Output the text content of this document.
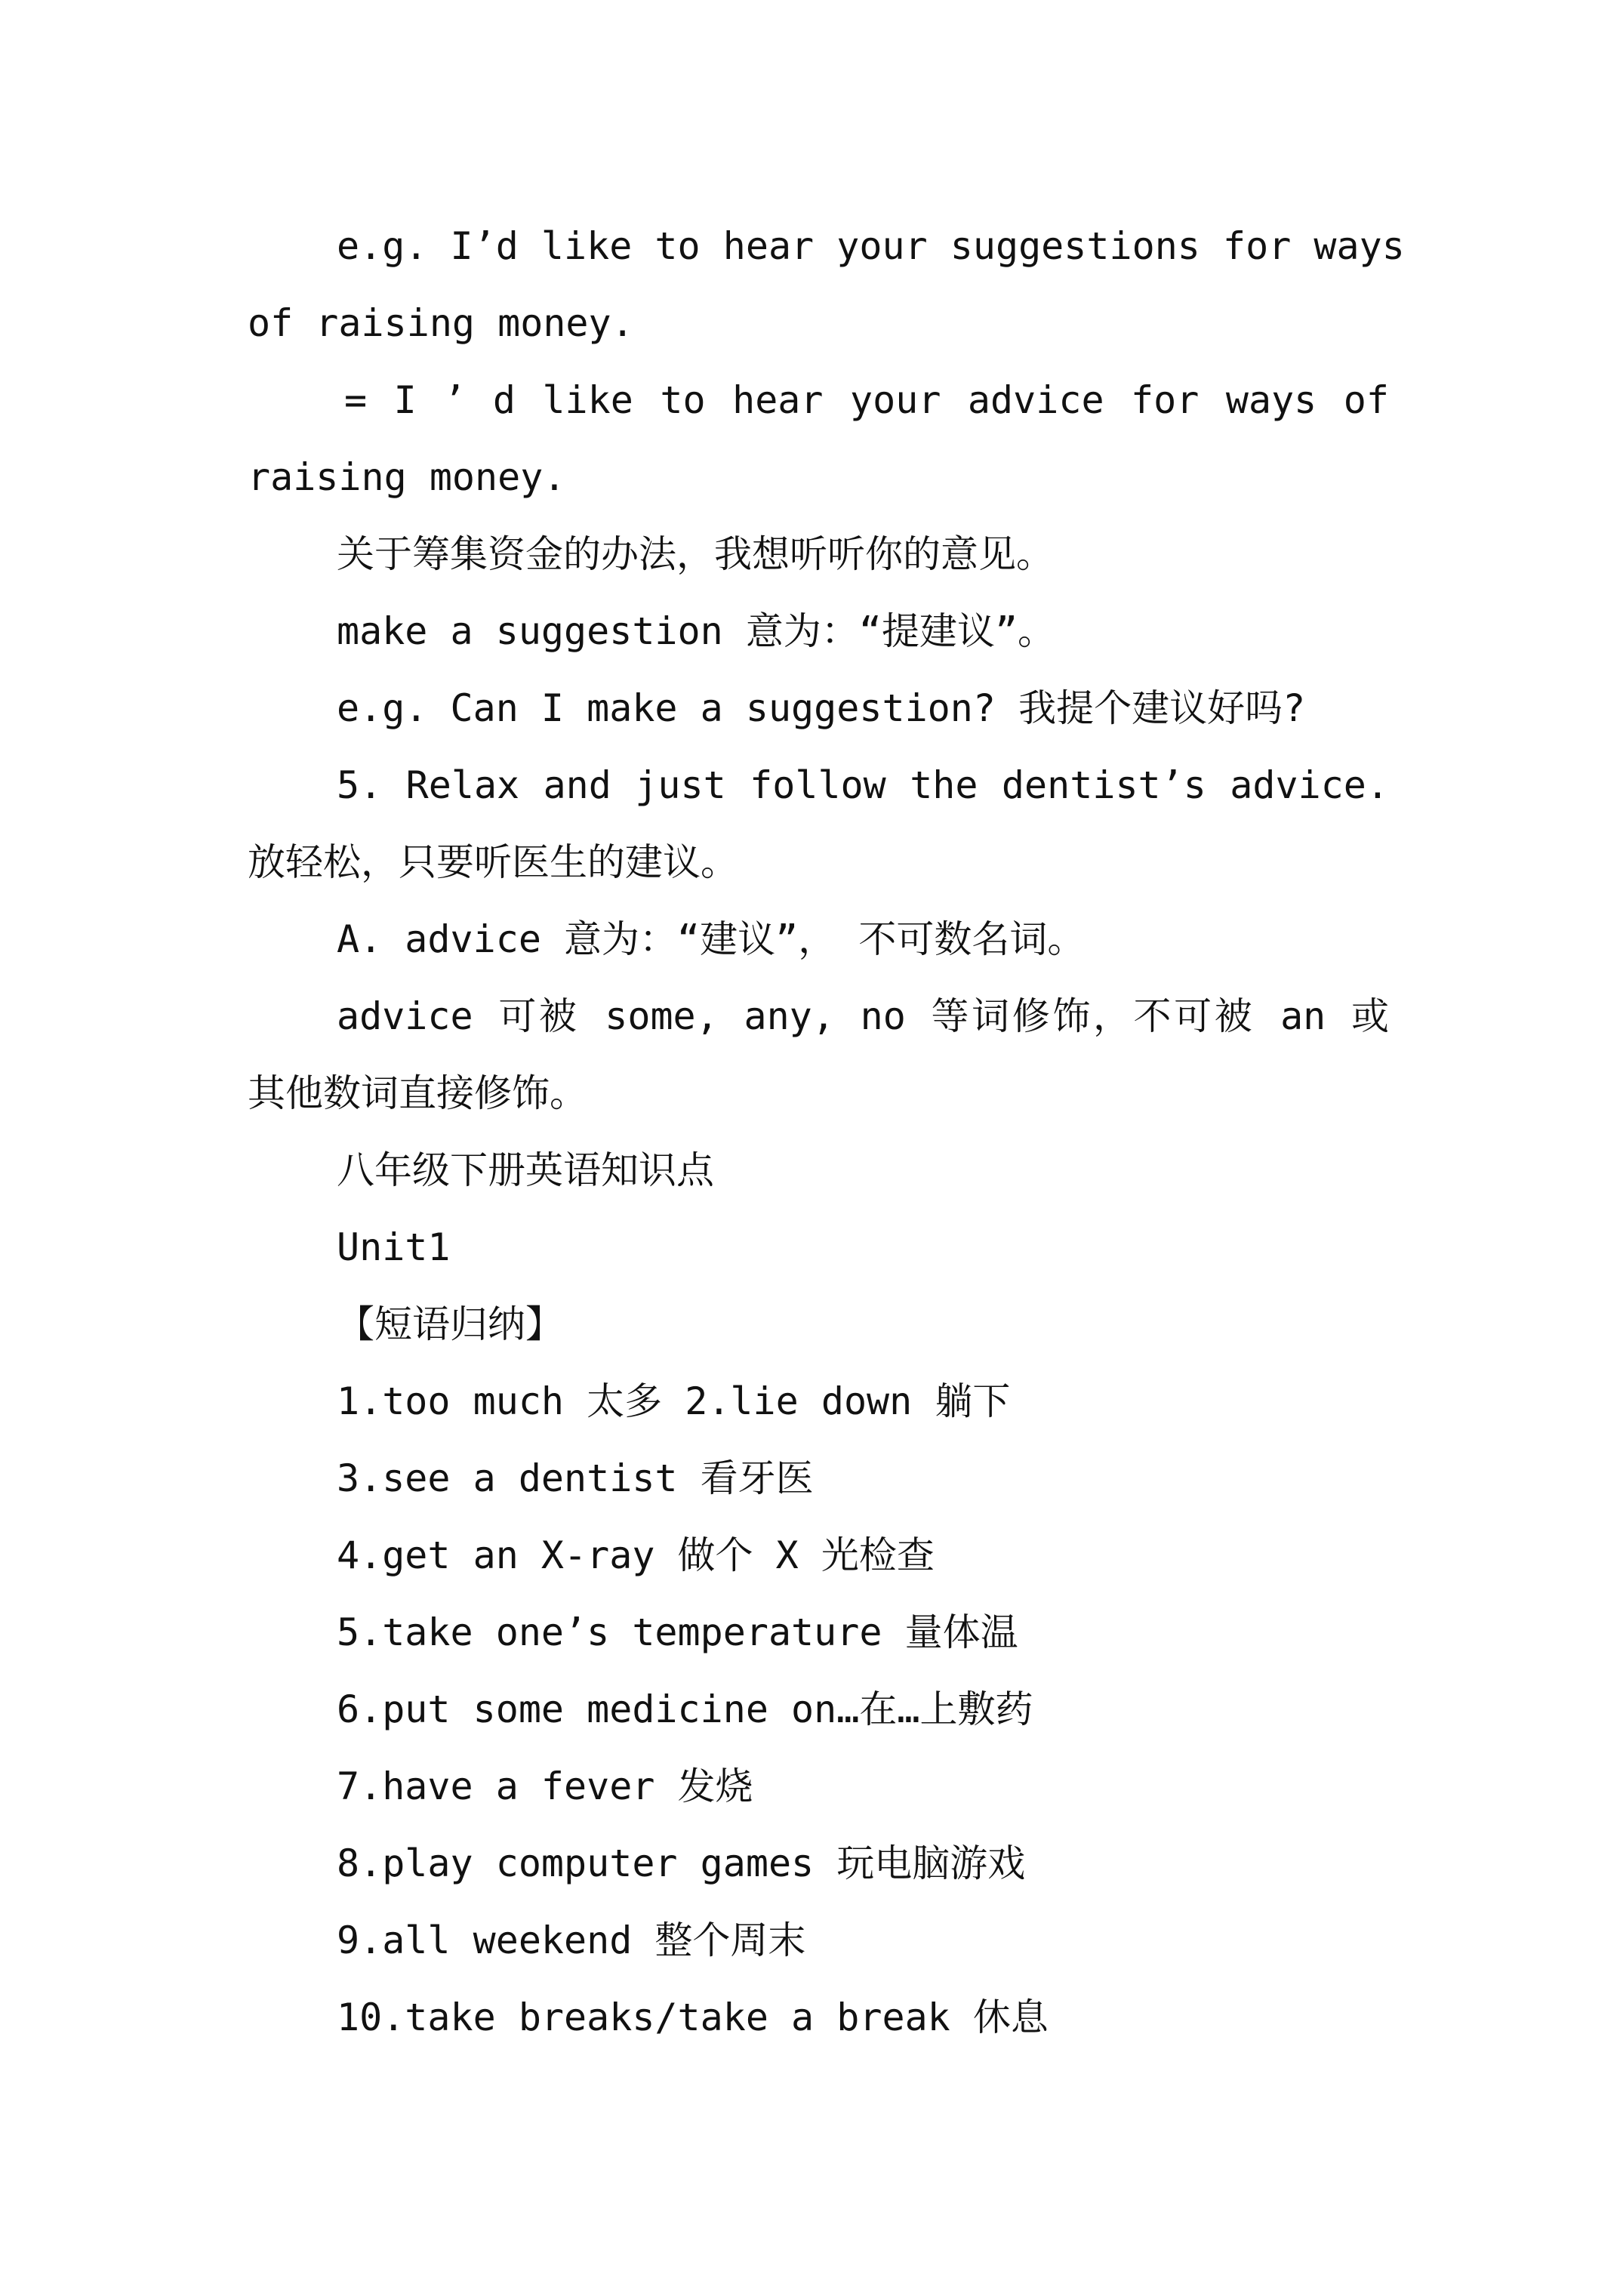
e.g. I’d like to hear your suggestions for ways
of raising money.
= I ’ d like to hear your advice for ways of
raising money.
关于筹集资金的办法，我想听听你的意见。
make a suggestion 意为：“提建议”。
e.g. Can I make a suggestion? 我提个建议好吗?
5. Relax and just follow the dentist’s advice.
放轻松，只要听医生的建议。
A. advice 意为：“建议”， 不可数名词。
advice 可被 some, any, no 等词修饰，不可被 an 或
其他数词直接修饰。
八年级下册英语知识点
Unit1
【短语归纳】
1.too much 太多 2.lie down 躺下
3.see a dentist 看牙医
4.get an X-ray 做个 X 光检查
5.take one’s temperature 量体温
6.put some medicine on…在…上敷药
7.have a fever 发烧
8.play computer games 玩电脑游戏
9.all weekend 整个周末
10.take breaks/take a break 休息
